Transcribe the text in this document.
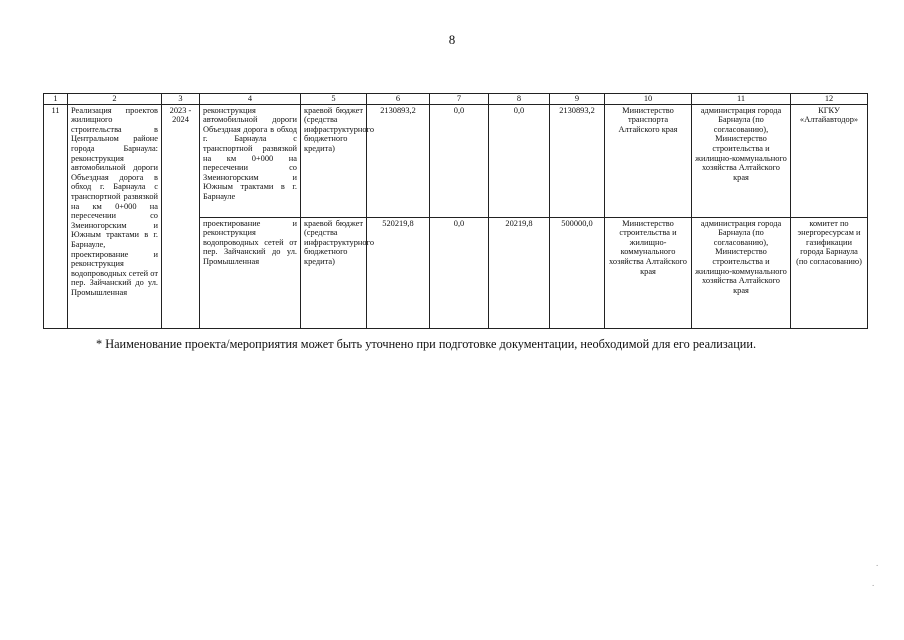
8
1	2	3	4	5	6	7	8	9	10	11	12
11	Реализация проектов жилищного строительства в Центральном районе города Барнаула: реконструкция автомобильной дороги Объездная дорога в обход г. Барнаула с транспортной развязкой на км 0+000 на пересечении со Змеиногорским и Южным трактами в г. Барнауле, проектирование и реконструкция водопроводных сетей от пер. Зайчанский до ул. Промышленная	2023 - 2024	реконструкция автомобильной дороги Объездная дорога в обход г. Барнаула с транспортной развязкой на км 0+000 на пересечении со Змеиногорским и Южным трактами в г. Барнауле	краевой бюджет (средства инфраструктурного бюджетного кредита)	2130893,2	0,0	0,0	2130893,2	Министерство транспорта Алтайского края	администрация города Барнаула (по согласованию), Министерство строительства и жилищно-коммунального хозяйства Алтайского края	КГКУ «Алтайавтодор»
			проектирование и реконструкция водопроводных сетей от пер. Зайчанский до ул. Промышленная	краевой бюджет (средства инфраструктурного бюджетного кредита)	520219,8	0,0	20219,8	500000,0	Министерство строительства и жилищно-коммунального хозяйства Алтайского края	администрация города Барнаула (по согласованию), Министерство строительства и жилищно-коммунального хозяйства Алтайского края	комитет по энергоресурсам и газификации города Барнаула (по согласованию)
* Наименование проекта/мероприятия может быть уточнено при подготовке документации, необходимой для его реализации.
.
.
